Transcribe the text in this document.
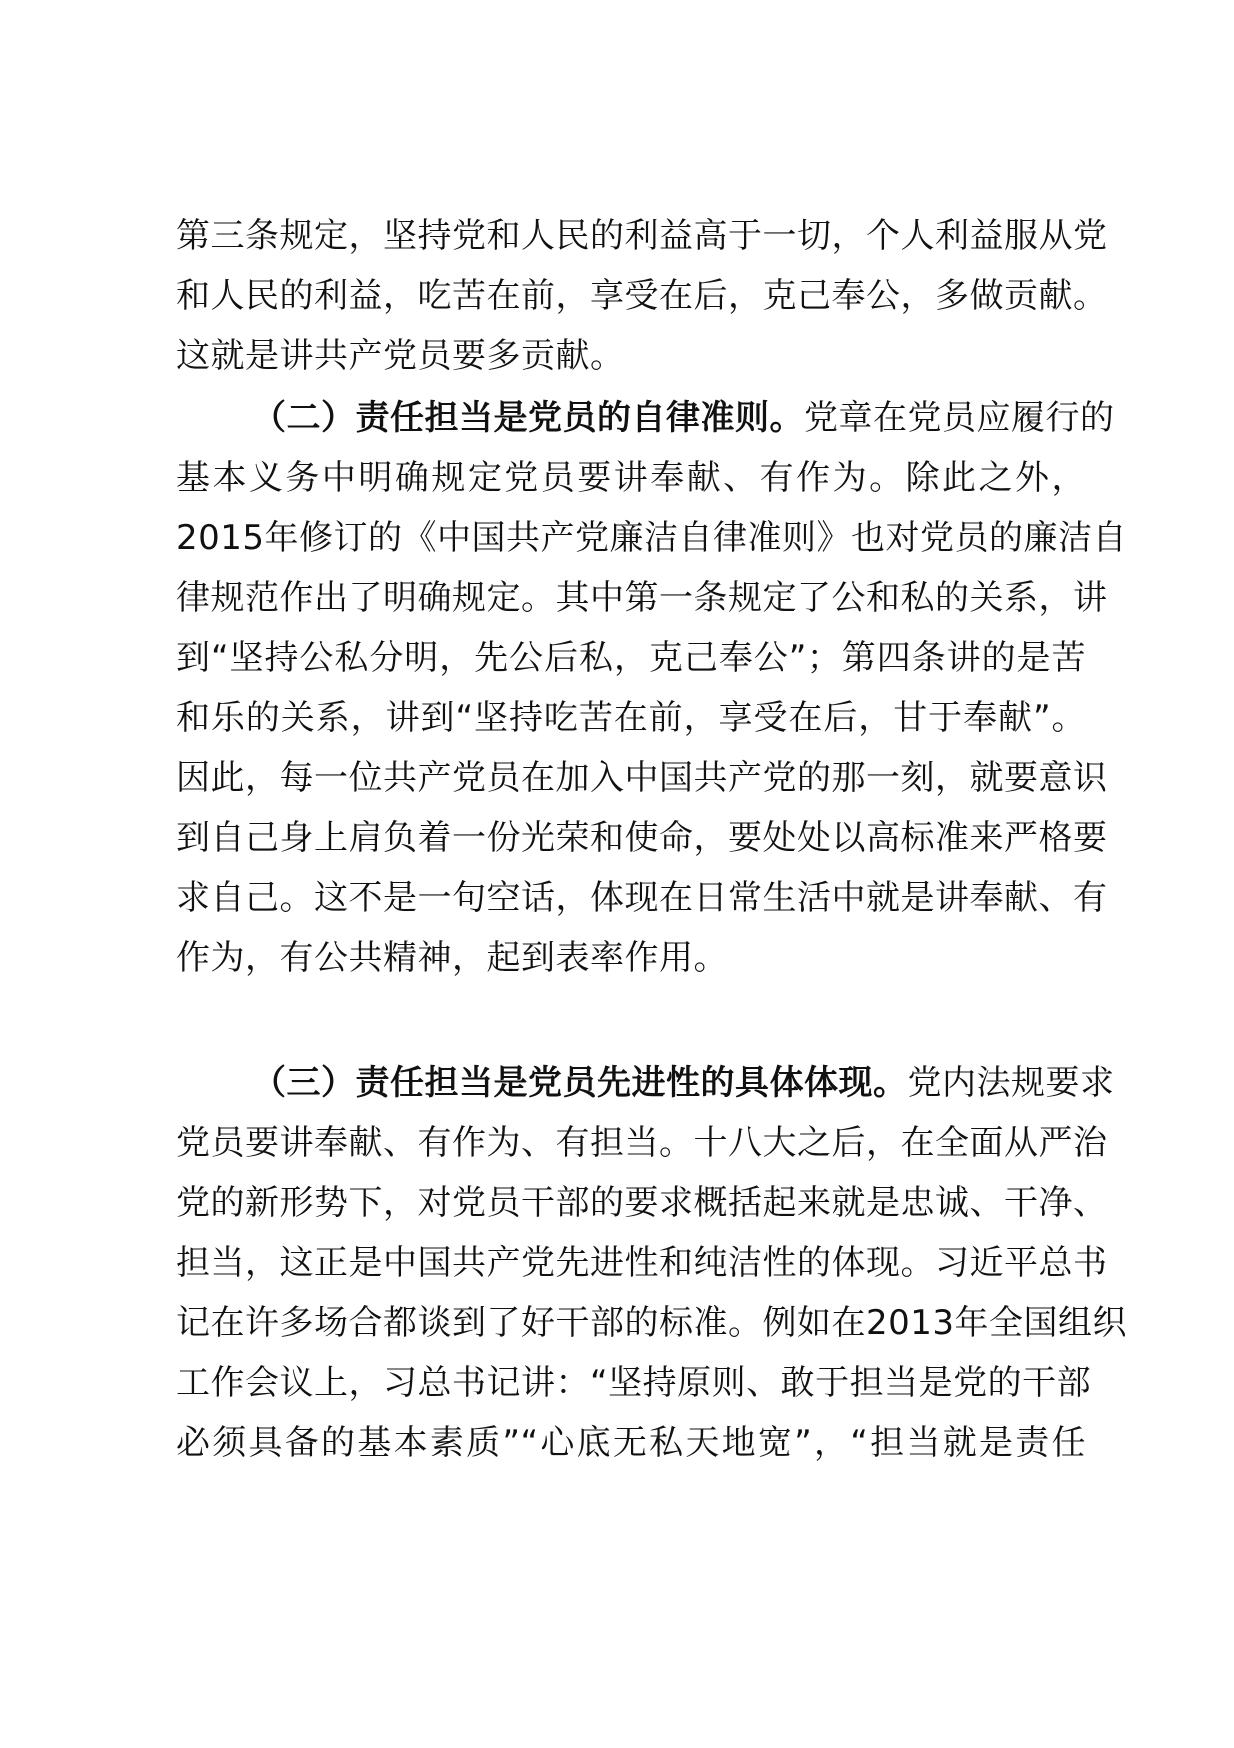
第三条规定，坚持党和人民的利益高于一切，个人利益服从党
和人民的利益，吃苦在前，享受在后，克己奉公，多做贡献。
这就是讲共产党员要多贡献。
（二）责任担当是党员的自律准则。党章在党员应履行的
基本义务中明确规定党员要讲奉献、有作为。除此之外，
2015年修订的《中国共产党廉洁自律准则》也对党员的廉洁自
律规范作出了明确规定。其中第一条规定了公和私的关系，讲
到“坚持公私分明，先公后私，克己奉公”；第四条讲的是苦
和乐的关系，讲到“坚持吃苦在前，享受在后，甘于奉献”。
因此，每一位共产党员在加入中国共产党的那一刻，就要意识
到自己身上肩负着一份光荣和使命，要处处以高标准来严格要
求自己。这不是一句空话，体现在日常生活中就是讲奉献、有
作为，有公共精神，起到表率作用。
（三）责任担当是党员先进性的具体体现。党内法规要求
党员要讲奉献、有作为、有担当。十八大之后，在全面从严治
党的新形势下，对党员干部的要求概括起来就是忠诚、干净、
担当，这正是中国共产党先进性和纯洁性的体现。习近平总书
记在许多场合都谈到了好干部的标准。例如在2013年全国组织
工作会议上，习总书记讲：“坚持原则、敢于担当是党的干部
必须具备的基本素质”“心底无私天地宽”，“担当就是责任
